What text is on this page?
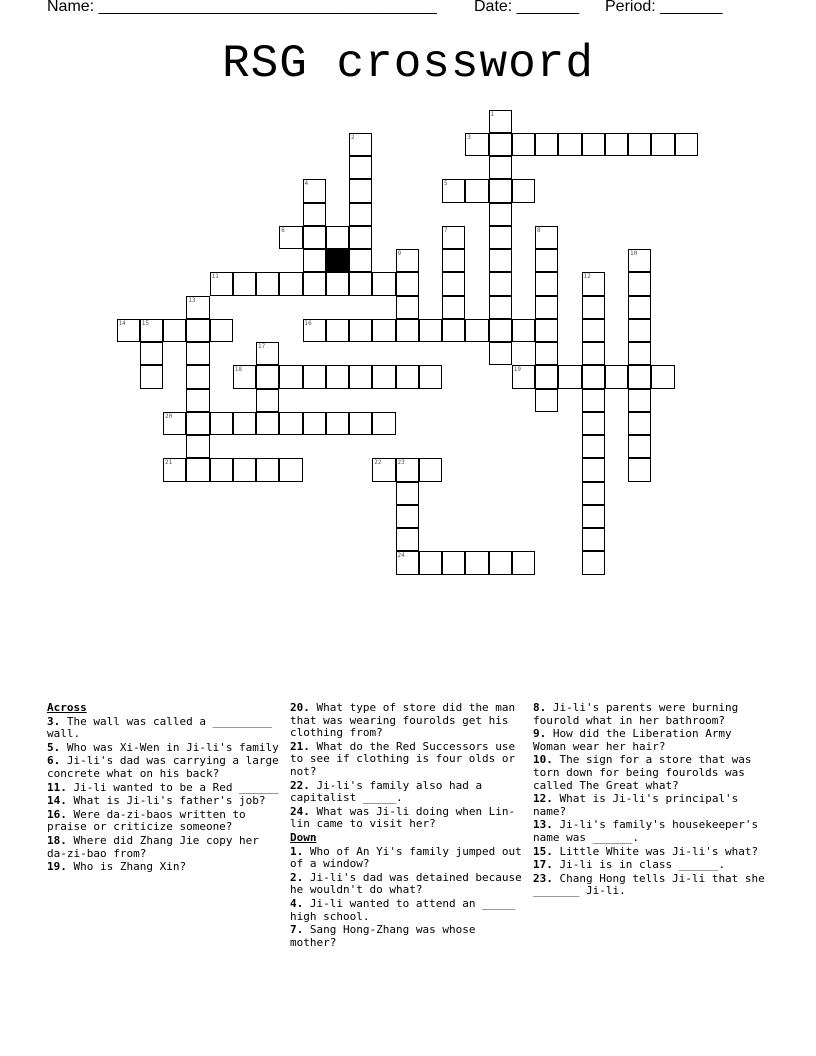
Name: ______________________________________ Date: _______ Period: _______
RSG crossword
3
5
6
11
14	15	16
18	19
20
21	22	23
24
1
2
4
7	8
9	10
12
13
17
Across
3. The wall was called a _________ wall.
5. Who was Xi-Wen in Ji-li's family
6. Ji-li's dad was carrying a large concrete what on his back?
11. Ji-li wanted to be a Red ______
14. What is Ji-li's father's job?
16. Were da-zi-baos written to praise or criticize someone?
18. Where did Zhang Jie copy her da-zi-bao from?
19. Who is Zhang Xin?
20. What type of store did the man that was wearing fourolds get his clothing from?
21. What do the Red Successors use to see if clothing is four olds or not?
22. Ji-li's family also had a capitalist _____.
24. What was Ji-li doing when Lin-lin came to visit her?
Down
1. Who of An Yi's family jumped out of a window?
2. Ji-li's dad was detained because he wouldn't do what?
4. Ji-li wanted to attend an _____ high school.
7. Sang Hong-Zhang was whose mother?
8. Ji-li's parents were burning fourold what in her bathroom?
9. How did the Liberation Army Woman wear her hair?
10. The sign for a store that was torn down for being fourolds was called The Great what?
12. What is Ji-li's principal's name?
13. Ji-li's family's housekeeper's name was ______.
15. Little White was Ji-li's what?
17. Ji-li is in class ______.
23. Chang Hong tells Ji-li that she _______ Ji-li.
